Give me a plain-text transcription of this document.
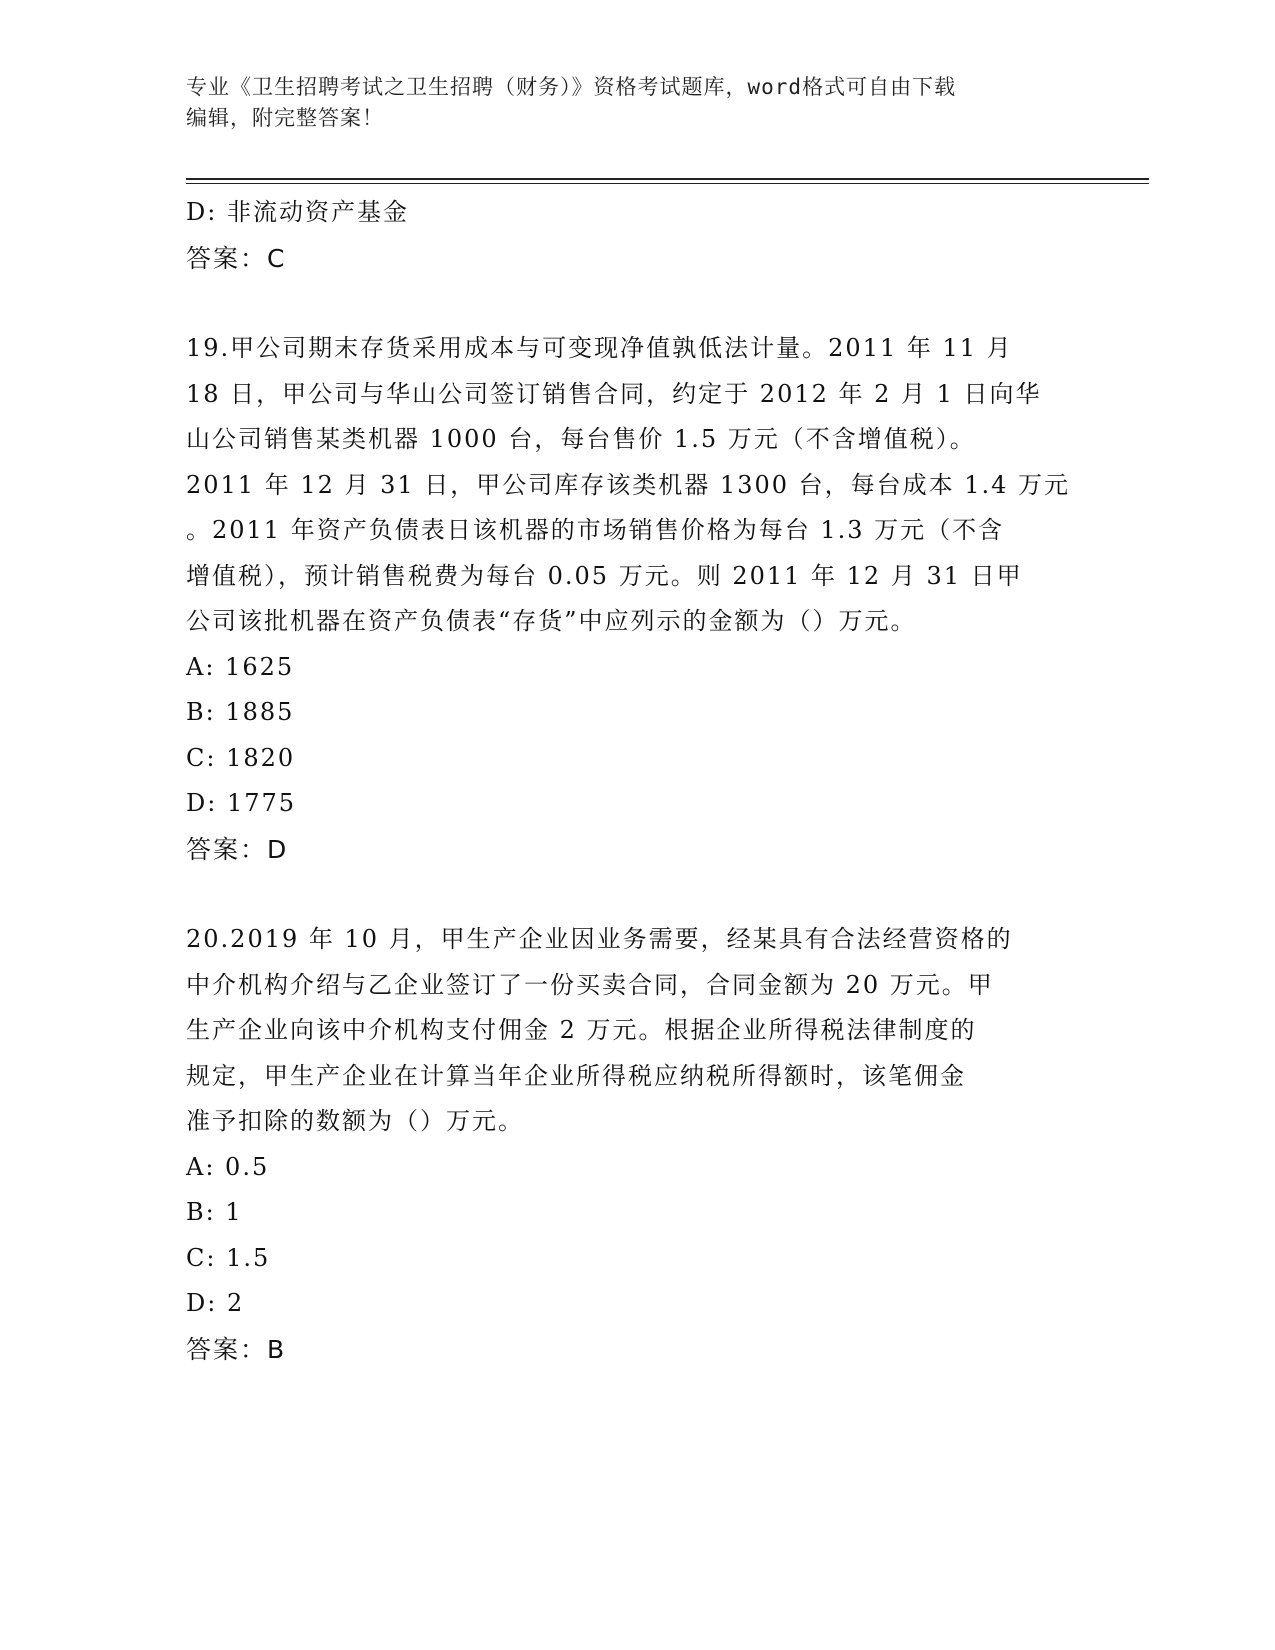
专业《卫生招聘考试之卫生招聘（财务）》资格考试题库，word格式可自由下载
编辑，附完整答案！
D: 非流动资产基金
答案：C
19.甲公司期末存货采用成本与可变现净值孰低法计量。2011 年 11 月
18 日，甲公司与华山公司签订销售合同，约定于 2012 年 2 月 1 日向华
山公司销售某类机器 1000 台，每台售价 1.5 万元（不含增值税）。
2011 年 12 月 31 日，甲公司库存该类机器 1300 台，每台成本 1.4 万元
。2011 年资产负债表日该机器的市场销售价格为每台 1.3 万元（不含
增值税），预计销售税费为每台 0.05 万元。则 2011 年 12 月 31 日甲
公司该批机器在资产负债表“存货”中应列示的金额为（）万元。
A: 1625
B: 1885
C: 1820
D: 1775
答案：D
20.2019 年 10 月，甲生产企业因业务需要，经某具有合法经营资格的
中介机构介绍与乙企业签订了一份买卖合同，合同金额为 20 万元。甲
生产企业向该中介机构支付佣金 2 万元。根据企业所得税法律制度的
规定，甲生产企业在计算当年企业所得税应纳税所得额时，该笔佣金
准予扣除的数额为（）万元。
A: 0.5
B: 1
C: 1.5
D: 2
答案：B
